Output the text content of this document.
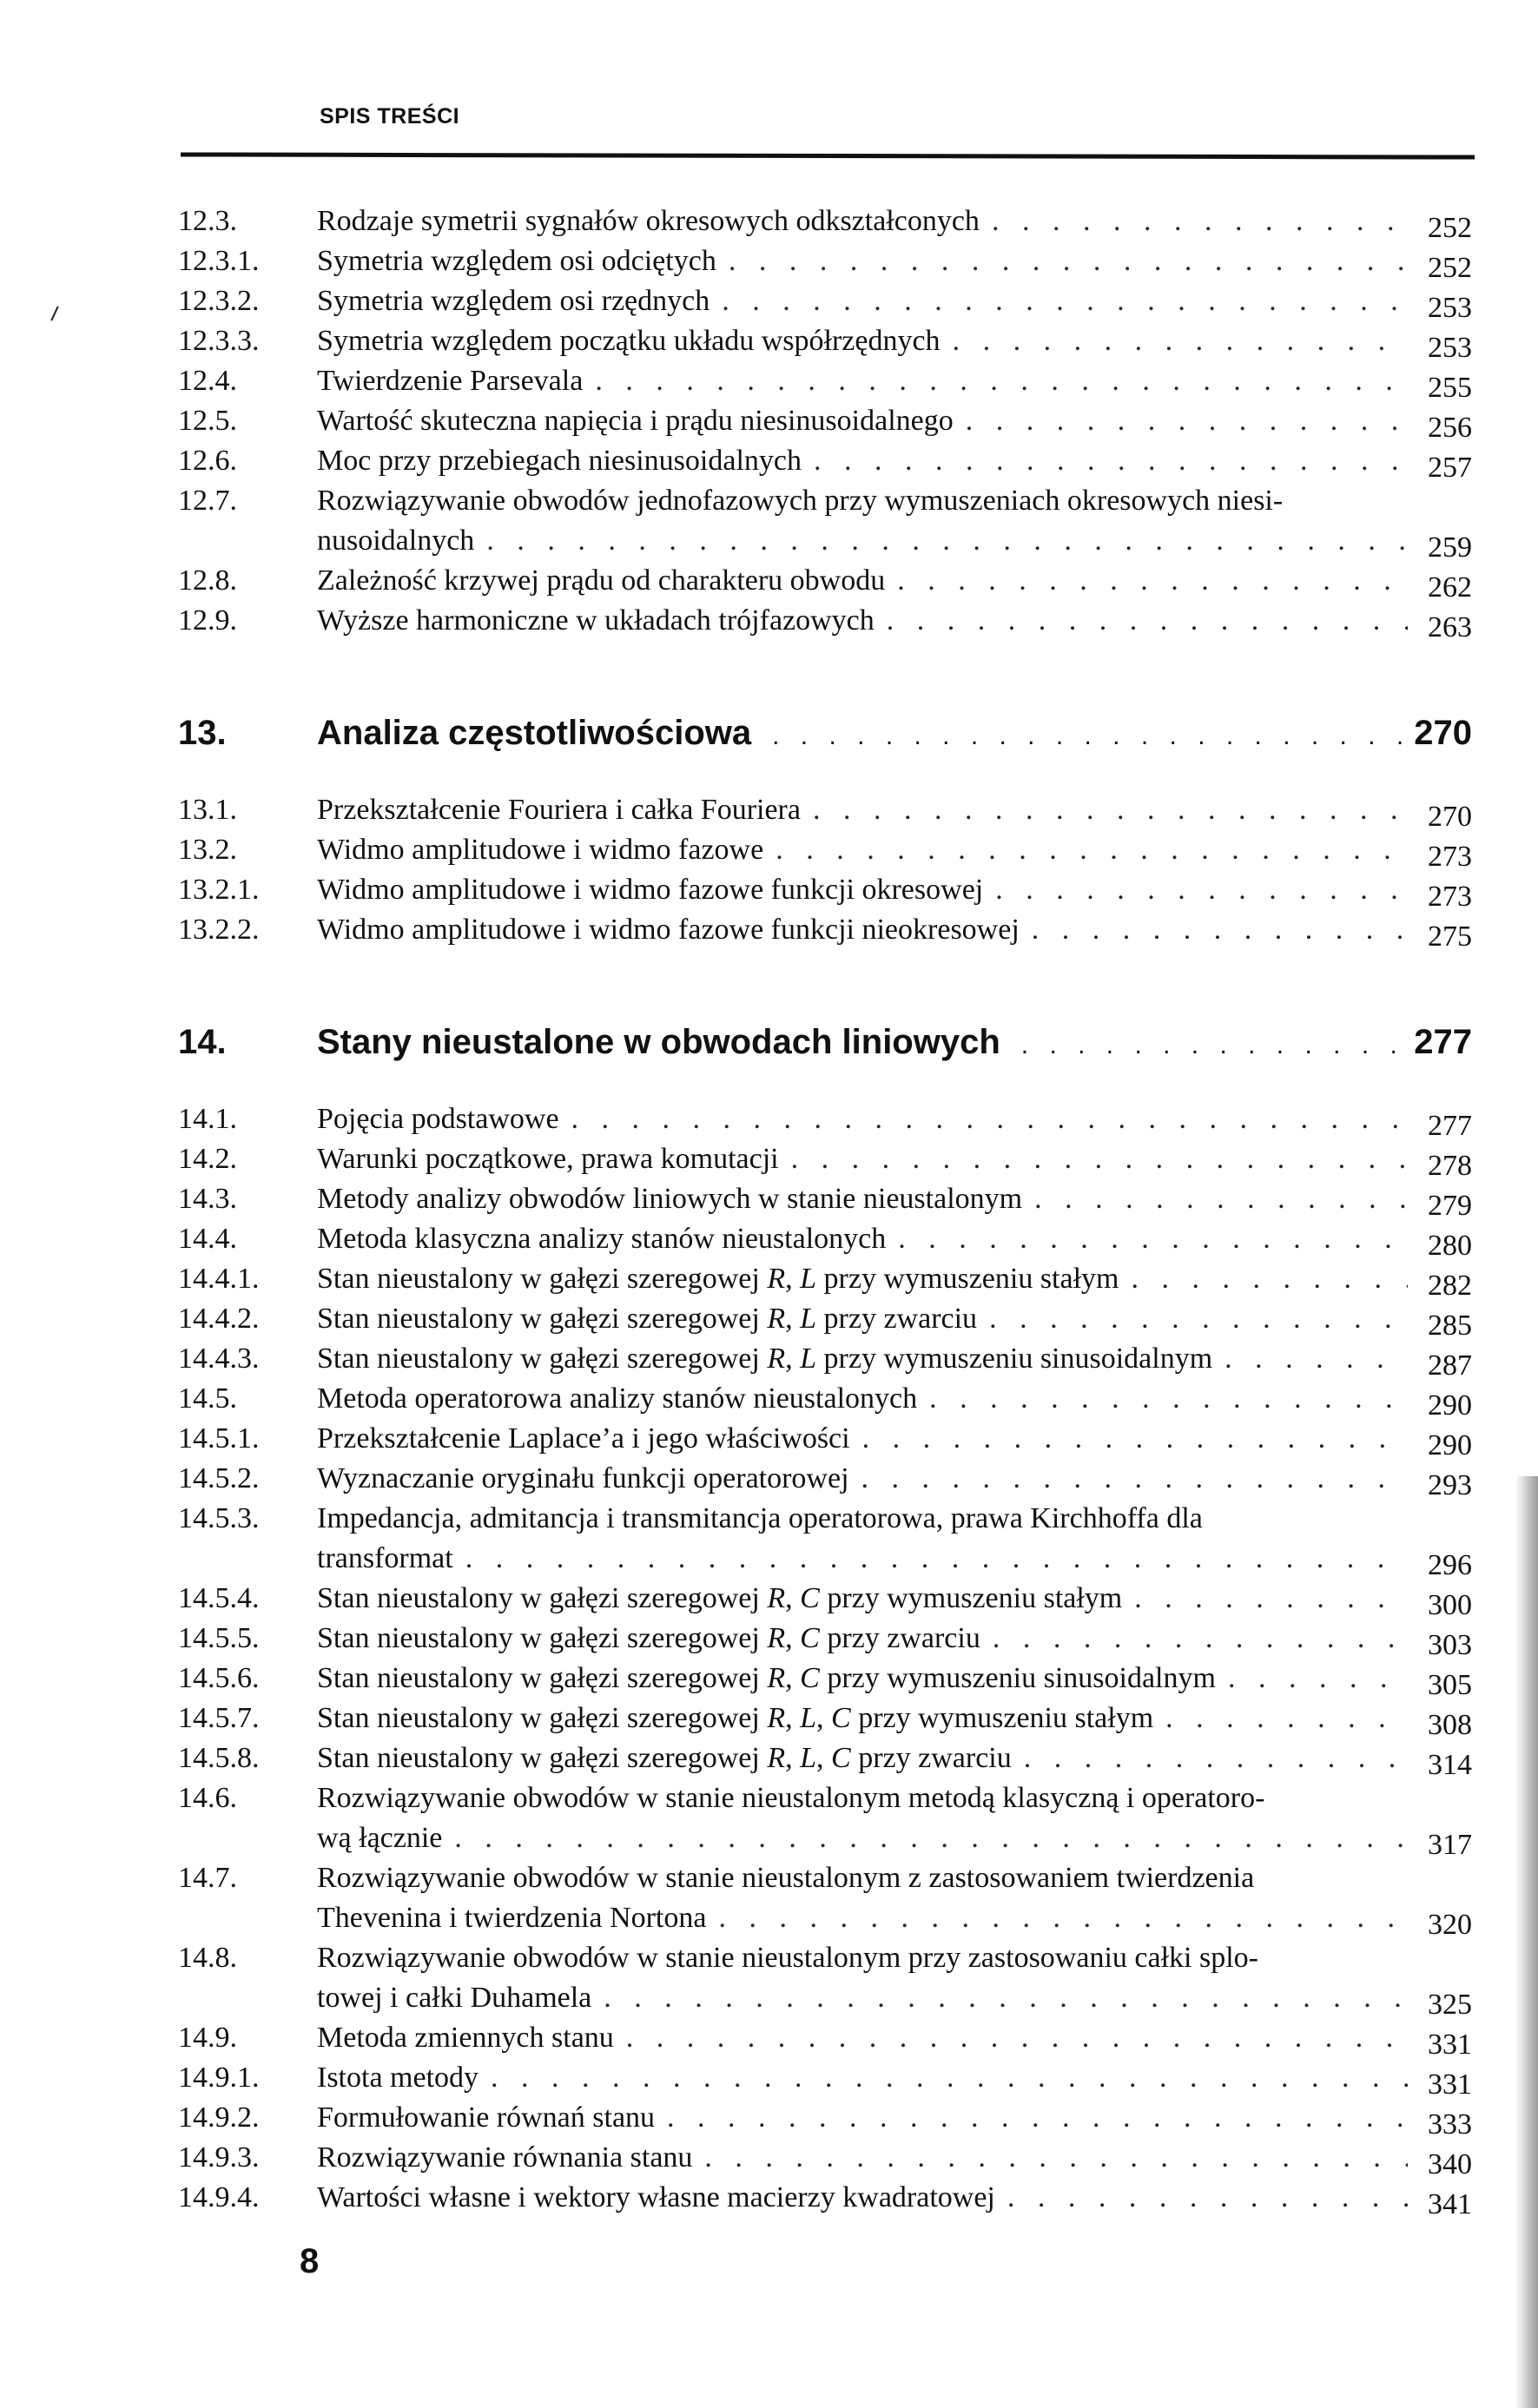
SPIS TREŚCI
12.3.	Rodzaje symetrii sygnałów okresowych odkształconych . . .	252
12.3.1.	Symetria względem osi odciętych . . .	252
12.3.2.	Symetria względem osi rzędnych . . .	253
12.3.3.	Symetria względem początku układu współrzędnych . . .	253
12.4.	Twierdzenie Parsevala . . .	255
12.5.	Wartość skuteczna napięcia i prądu niesinusoidalnego . . .	256
12.6.	Moc przy przebiegach niesinusoidalnych . . .	257
12.7.	Rozwiązywanie obwodów jednofazowych przy wymuszeniach okresowych niesi-
nusoidalnych . . .	259
12.8.	Zależność krzywej prądu od charakteru obwodu . . .	262
12.9.	Wyższe harmoniczne w układach trójfazowych . . .	263
13.	Analiza częstotliwościowa . . .	270
13.1.	Przekształcenie Fouriera i całka Fouriera . . .	270
13.2.	Widmo amplitudowe i widmo fazowe . . .	273
13.2.1.	Widmo amplitudowe i widmo fazowe funkcji okresowej . . .	273
13.2.2.	Widmo amplitudowe i widmo fazowe funkcji nieokresowej . . .	275
14.	Stany nieustalone w obwodach liniowych . . .	277
14.1.	Pojęcia podstawowe . . .	277
14.2.	Warunki początkowe, prawa komutacji . . .	278
14.3.	Metody analizy obwodów liniowych w stanie nieustalonym . . .	279
14.4.	Metoda klasyczna analizy stanów nieustalonych . . .	280
14.4.1.	Stan nieustalony w gałęzi szeregowej R, L przy wymuszeniu stałym . . .	282
14.4.2.	Stan nieustalony w gałęzi szeregowej R, L przy zwarciu . . .	285
14.4.3.	Stan nieustalony w gałęzi szeregowej R, L przy wymuszeniu sinusoidalnym . . .	287
14.5.	Metoda operatorowa analizy stanów nieustalonych . . .	290
14.5.1.	Przekształcenie Laplace’a i jego właściwości . . .	290
14.5.2.	Wyznaczanie oryginału funkcji operatorowej . . .	293
14.5.3.	Impedancja, admitancja i transmitancja operatorowa, prawa Kirchhoffa dla
transformat . . .	296
14.5.4.	Stan nieustalony w gałęzi szeregowej R, C przy wymuszeniu stałym . . .	300
14.5.5.	Stan nieustalony w gałęzi szeregowej R, C przy zwarciu . . .	303
14.5.6.	Stan nieustalony w gałęzi szeregowej R, C przy wymuszeniu sinusoidalnym . . .	305
14.5.7.	Stan nieustalony w gałęzi szeregowej R, L, C przy wymuszeniu stałym . . .	308
14.5.8.	Stan nieustalony w gałęzi szeregowej R, L, C przy zwarciu . . .	314
14.6.	Rozwiązywanie obwodów w stanie nieustalonym metodą klasyczną i operatoro-
wą łącznie . . .	317
14.7.	Rozwiązywanie obwodów w stanie nieustalonym z zastosowaniem twierdzenia
Thevenina i twierdzenia Nortona . . .	320
14.8.	Rozwiązywanie obwodów w stanie nieustalonym przy zastosowaniu całki splo-
towej i całki Duhamela . . .	325
14.9.	Metoda zmiennych stanu . . .	331
14.9.1.	Istota metody . . .	331
14.9.2.	Formułowanie równań stanu . . .	333
14.9.3.	Rozwiązywanie równania stanu . . .	340
14.9.4.	Wartości własne i wektory własne macierzy kwadratowej . . .	341
8
